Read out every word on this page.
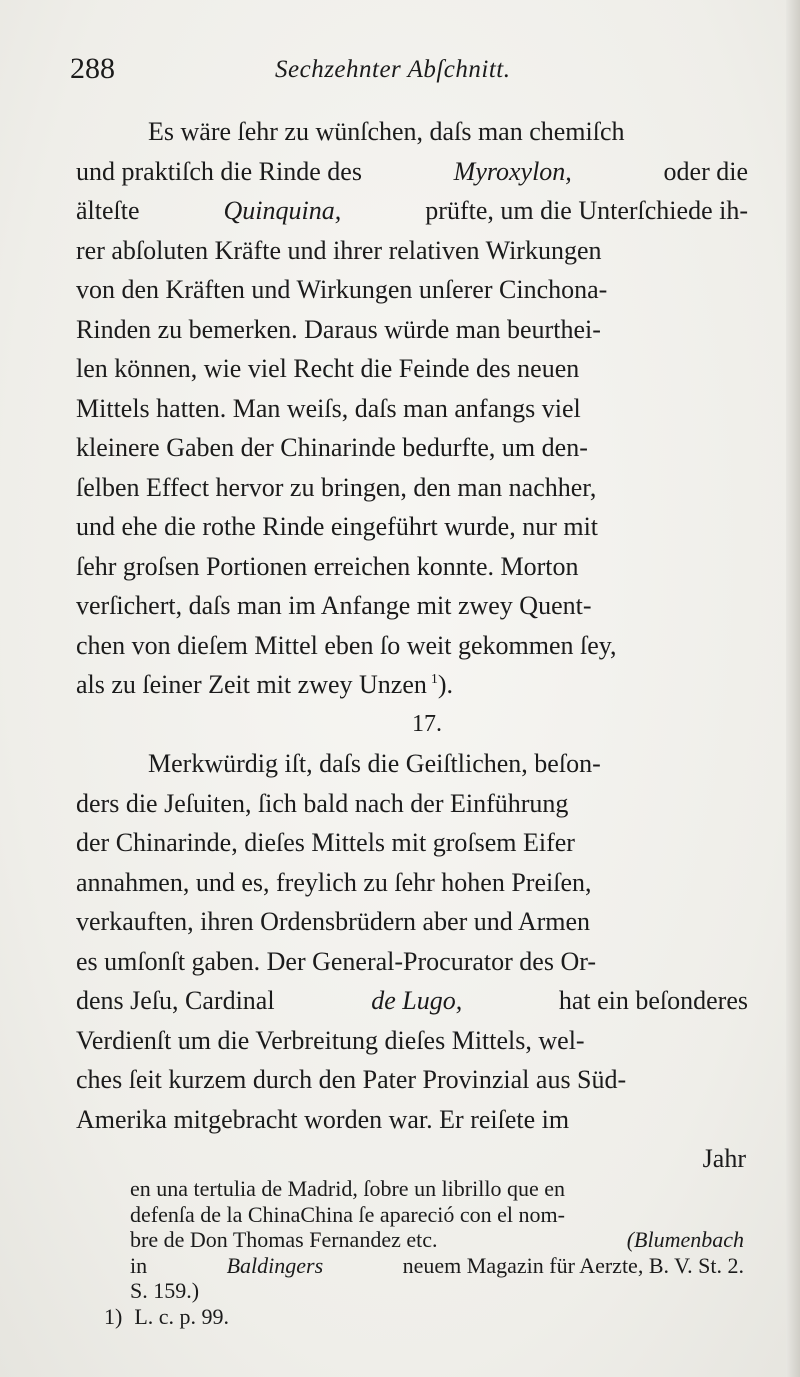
288	Sechzehnter Abſchnitt.
Es wäre ſehr zu wünſchen, daſs man chemiſch
und praktiſch die Rinde des	Myroxylon,	oder die
älteſte	Quinquina,	prüfte, um die Unterſchiede ih-
rer abſoluten Kräfte und ihrer relativen Wirkungen
von den Kräften und Wirkungen unſerer Cinchona-
Rinden zu bemerken. Daraus würde man beurthei-
len können, wie viel Recht die Feinde des neuen
Mittels hatten. Man weiſs, daſs man anfangs viel
kleinere Gaben der Chinarinde bedurfte, um den-
ſelben Effect hervor zu bringen, den man nachher,
und ehe die rothe Rinde eingeführt wurde, nur mit
ſehr groſsen Portionen erreichen konnte. Morton
verſichert, daſs man im Anfange mit zwey Quent-
chen von dieſem Mittel eben ſo weit gekommen ſey,
als zu ſeiner Zeit mit zwey Unzen $^1$).
17.
Merkwürdig iſt, daſs die Geiſtlichen, beſon-
ders die Jeſuiten, ſich bald nach der Einführung
der Chinarinde, dieſes Mittels mit groſsem Eifer
annahmen, und es, freylich zu ſehr hohen Preiſen,
verkauften, ihren Ordensbrüdern aber und Armen
es umſonſt gaben. Der General-Procurator des Or-
dens Jeſu, Cardinal	de Lugo,	hat ein beſonderes
Verdienſt um die Verbreitung dieſes Mittels, wel-
ches ſeit kurzem durch den Pater Provinzial aus Süd-
Amerika mitgebracht worden war. Er reiſete im
Jahr
en una tertulia de Madrid, ſobre un librillo que en
defenſa de la ChinaChina ſe apareció con el nom-
bre de Don Thomas Fernandez etc.	(Blumenbach
in	Baldingers	neuem Magazin für Aerzte, B. V. St. 2.
S. 159.)
1) L. c. p. 99.
